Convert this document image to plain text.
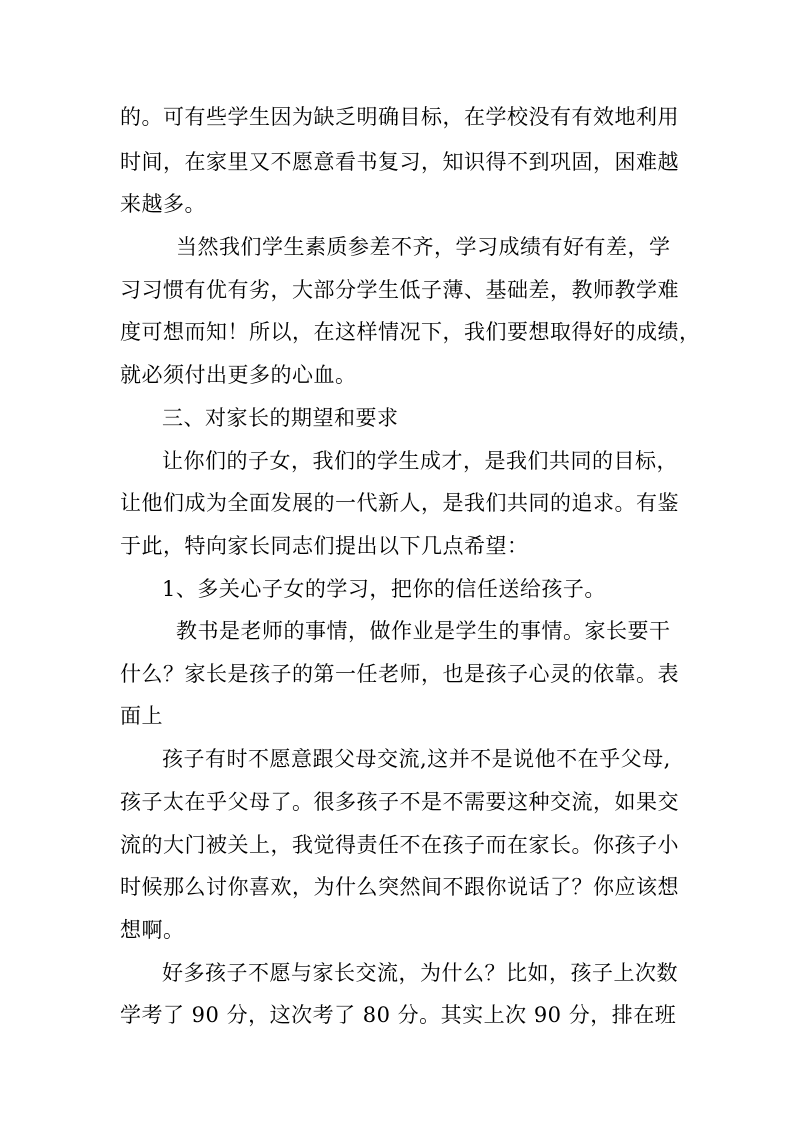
的。可有些学生因为缺乏明确目标，在学校没有有效地利用
时间，在家里又不愿意看书复习，知识得不到巩固，困难越
来越多。
当然我们学生素质参差不齐，学习成绩有好有差，学
习习惯有优有劣，大部分学生低子薄、基础差，教师教学难
度可想而知！所以，在这样情况下，我们要想取得好的成绩，
就必须付出更多的心血。
三、对家长的期望和要求
让你们的子女，我们的学生成才，是我们共同的目标，
让他们成为全面发展的一代新人，是我们共同的追求。有鉴
于此，特向家长同志们提出以下几点希望：
1、多关心子女的学习，把你的信任送给孩子。
教书是老师的事情，做作业是学生的事情。家长要干
什么？家长是孩子的第一任老师，也是孩子心灵的依靠。表
面上
孩子有时不愿意跟父母交流,这并不是说他不在乎父母,
孩子太在乎父母了。很多孩子不是不需要这种交流，如果交
流的大门被关上，我觉得责任不在孩子而在家长。你孩子小
时候那么讨你喜欢，为什么突然间不跟你说话了？你应该想
想啊。
好多孩子不愿与家长交流，为什么？比如，孩子上次数
学考了 90 分，这次考了 80 分。其实上次 90 分，排在班
